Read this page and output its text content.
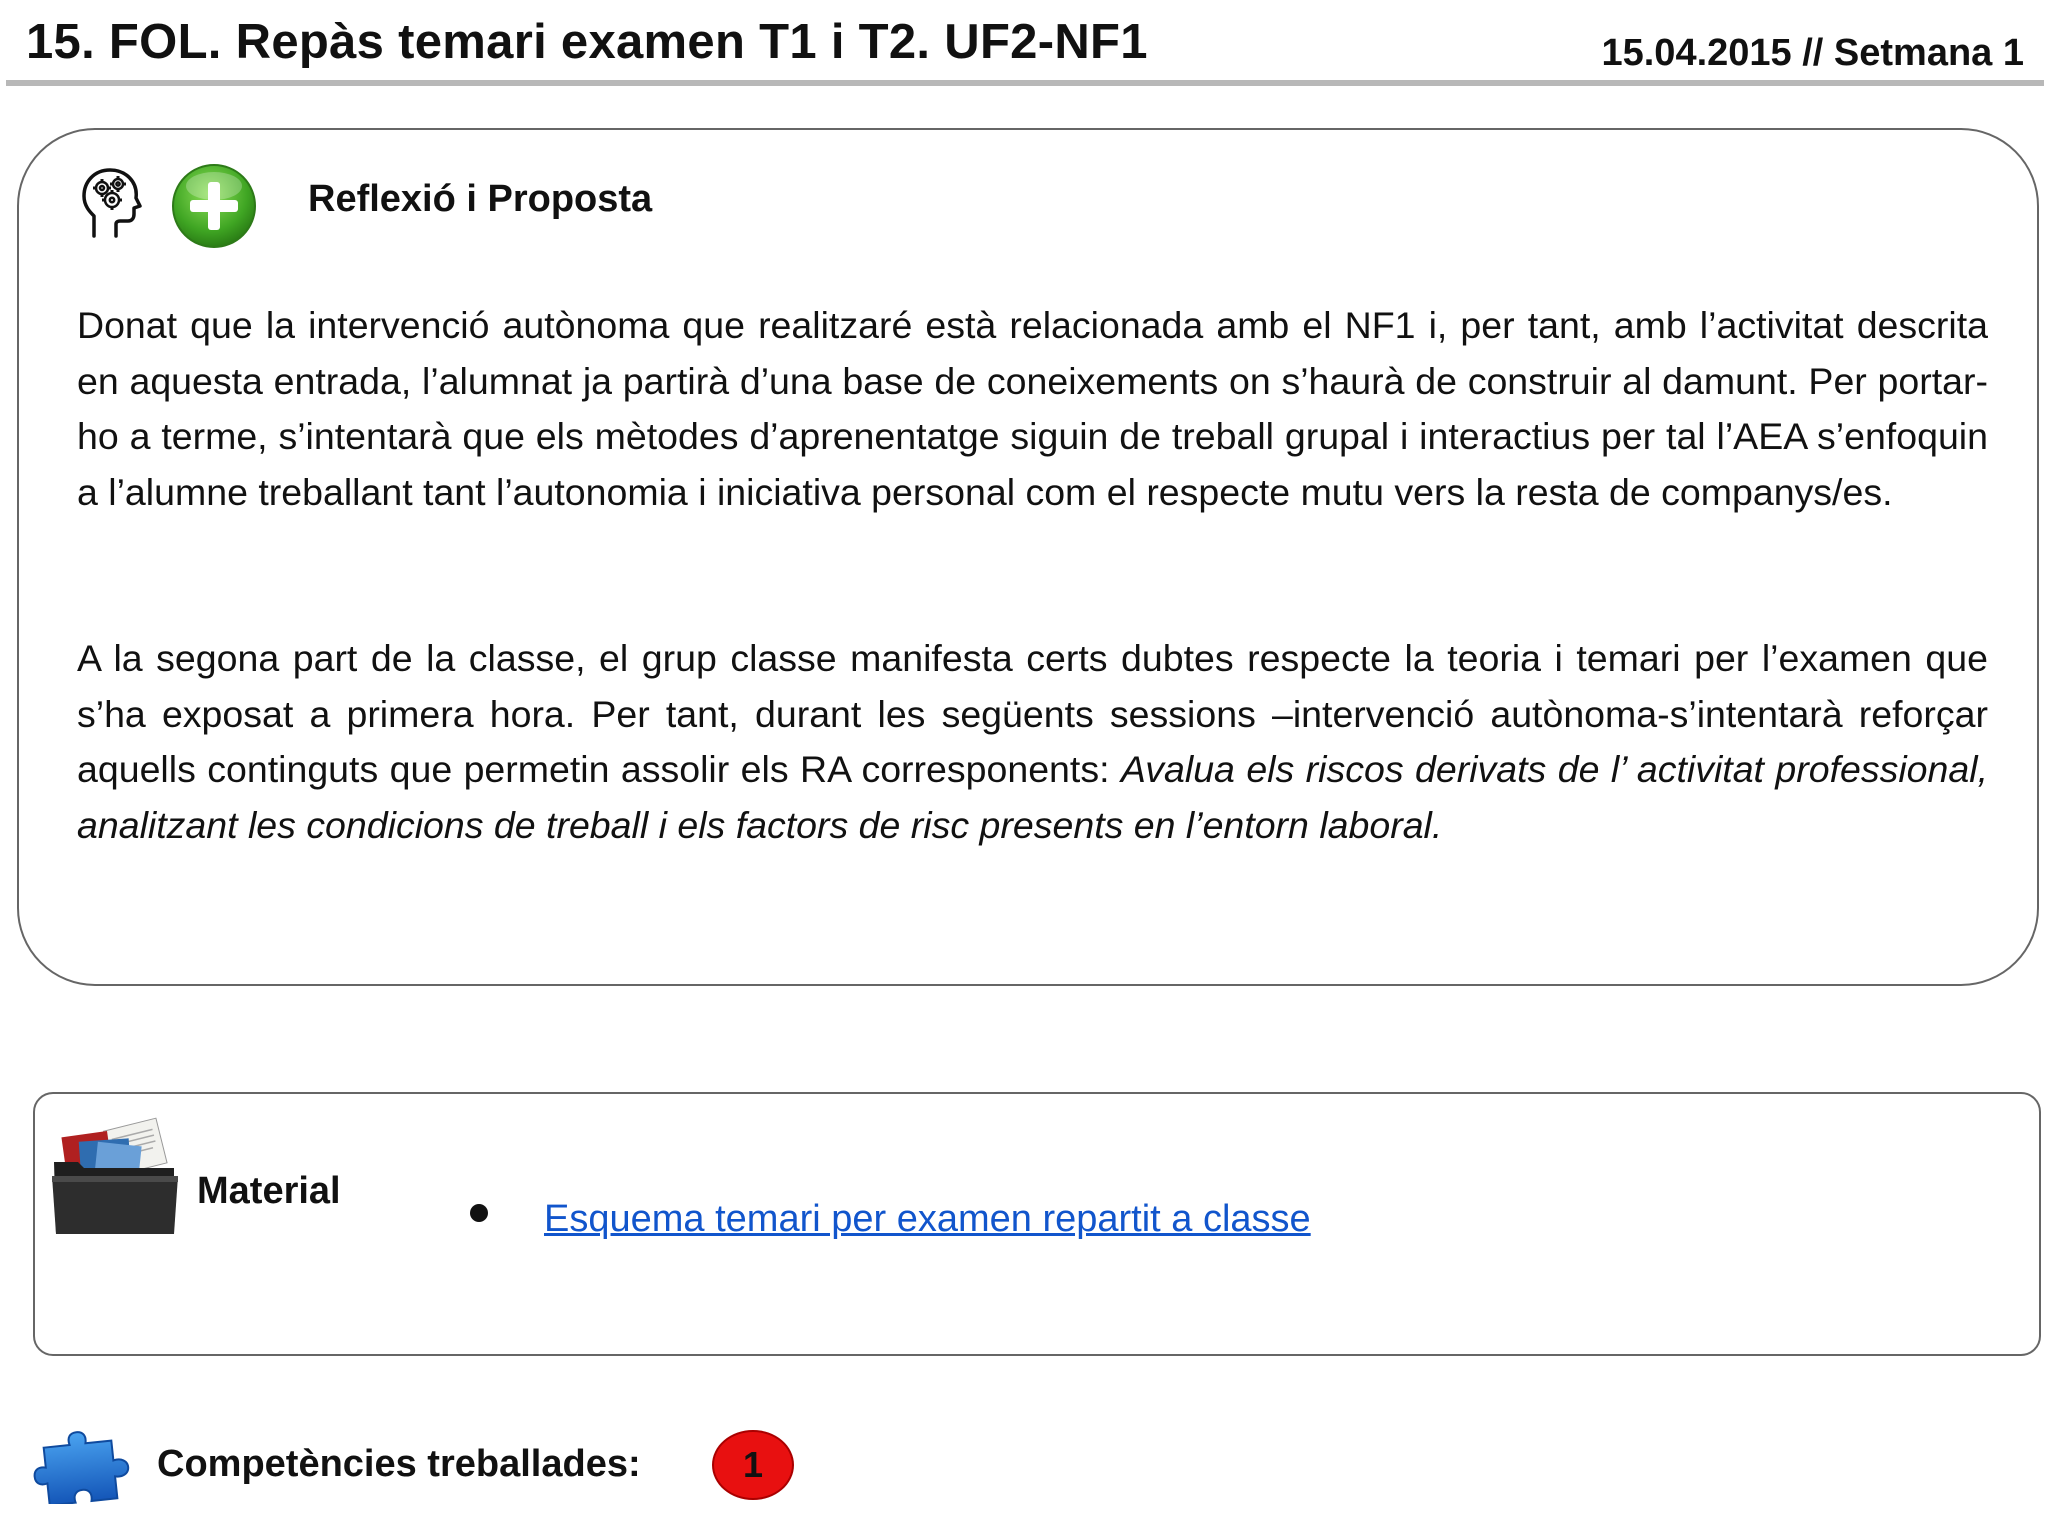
15. FOL. Repàs temari examen T1 i T2. UF2-NF1	15.04.2015 // Setmana 1
Reflexió i Proposta
Donat que la intervenció autònoma que realitzaré està relacionada amb el NF1 i, per tant, amb l’activitat descrita en aquesta entrada, l’alumnat ja partirà d’una base de coneixements on s’haurà de construir al damunt. Per portar-ho a terme, s’intentarà que els mètodes d’aprenentatge siguin de treball grupal i interactius per tal l’AEA s’enfoquin a l’alumne treballant tant l’autonomia i iniciativa personal com el respecte mutu vers la resta de companys/es.
A la segona part de la classe, el grup classe manifesta certs dubtes respecte la teoria i temari per l’examen que s’ha exposat a primera hora. Per tant, durant les següents sessions –intervenció autònoma-s’intentarà reforçar aquells continguts que permetin assolir els RA corresponents: Avalua els riscos derivats de l’ activitat professional, analitzant les condicions de treball i els factors de risc presents en l’entorn laboral.
Material
Esquema temari per examen repartit a classe
Competències treballades:	1
